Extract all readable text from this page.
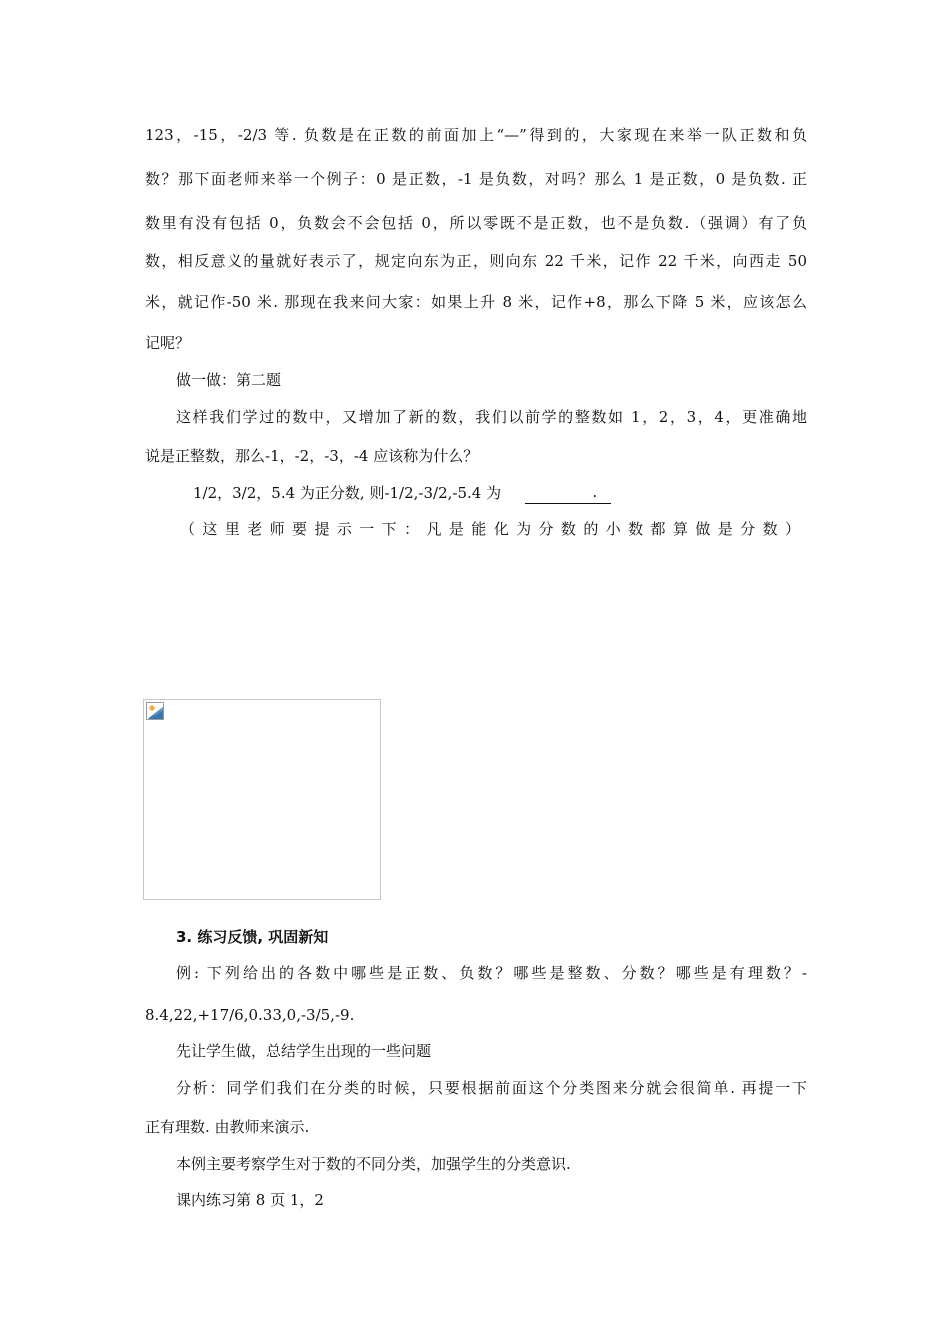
123，-15，-2/3 等. 负数是在正数的前面加上“—”得到的，大家现在来举一队正数和负
数？那下面老师来举一个例子：0 是正数，-1 是负数，对吗？那么 1 是正数，0 是负数. 正
数里有没有包括 0，负数会不会包括 0，所以零既不是正数，也不是负数.（强调）有了负
数，相反意义的量就好表示了，规定向东为正，则向东 22 千米，记作 22 千米，向西走 50
米，就记作-50 米. 那现在我来问大家：如果上升 8 米，记作+8，那么下降 5 米，应该怎么
记呢？
做一做：第二题
这样我们学过的数中，又增加了新的数，我们以前学的整数如 1，2，3，4，更准确地
说是正整数，那么-1，-2，-3，-4 应该称为什么？
1/2，3/2，5.4 为正分数, 则-1/2,-3/2,-5.4 为	.
（这里老师要提示一下：凡是能化为分数的小数都算做是分数）
3. 练习反馈, 巩固新知
例: 下列给出的各数中哪些是正数、负数？哪些是整数、分数？哪些是有理数？-
8.4,22,+17/6,0.33,0,-3/5,-9.
先让学生做，总结学生出现的一些问题
分析：同学们我们在分类的时候，只要根据前面这个分类图来分就会很简单. 再提一下
正有理数. 由教师来演示.
本例主要考察学生对于数的不同分类，加强学生的分类意识.
课内练习第 8 页 1，2
